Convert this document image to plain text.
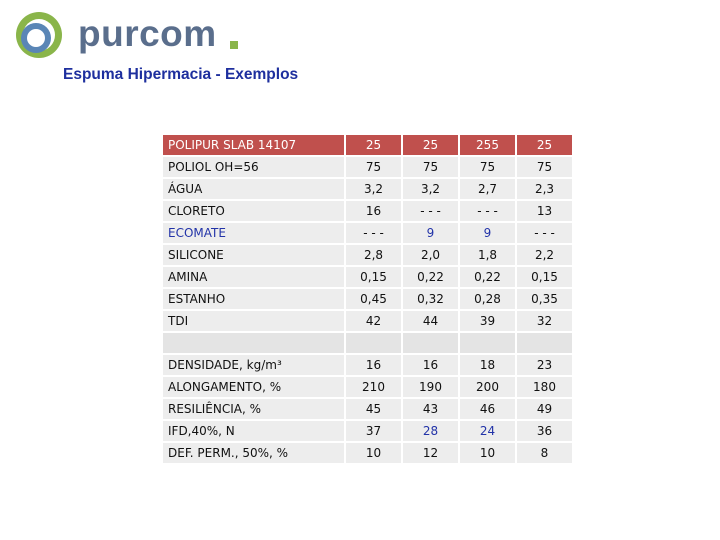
purcom
Espuma Hipermacia - Exemplos
POLIPUR SLAB 14107	25	25	255	25
POLIOL OH=56	75	75	75	75
ÁGUA	3,2	3,2	2,7	2,3
CLORETO	16	- - -	- - -	13
ECOMATE	- - -	9	9	- - -
SILICONE	2,8	2,0	1,8	2,2
AMINA	0,15	0,22	0,22	0,15
ESTANHO	0,45	0,32	0,28	0,35
TDI	42	44	39	32

DENSIDADE, kg/m³	16	16	18	23
ALONGAMENTO, %	210	190	200	180
RESILIÊNCIA, %	45	43	46	49
IFD,40%, N	37	28	24	36
DEF. PERM., 50%, %	10	12	10	8
